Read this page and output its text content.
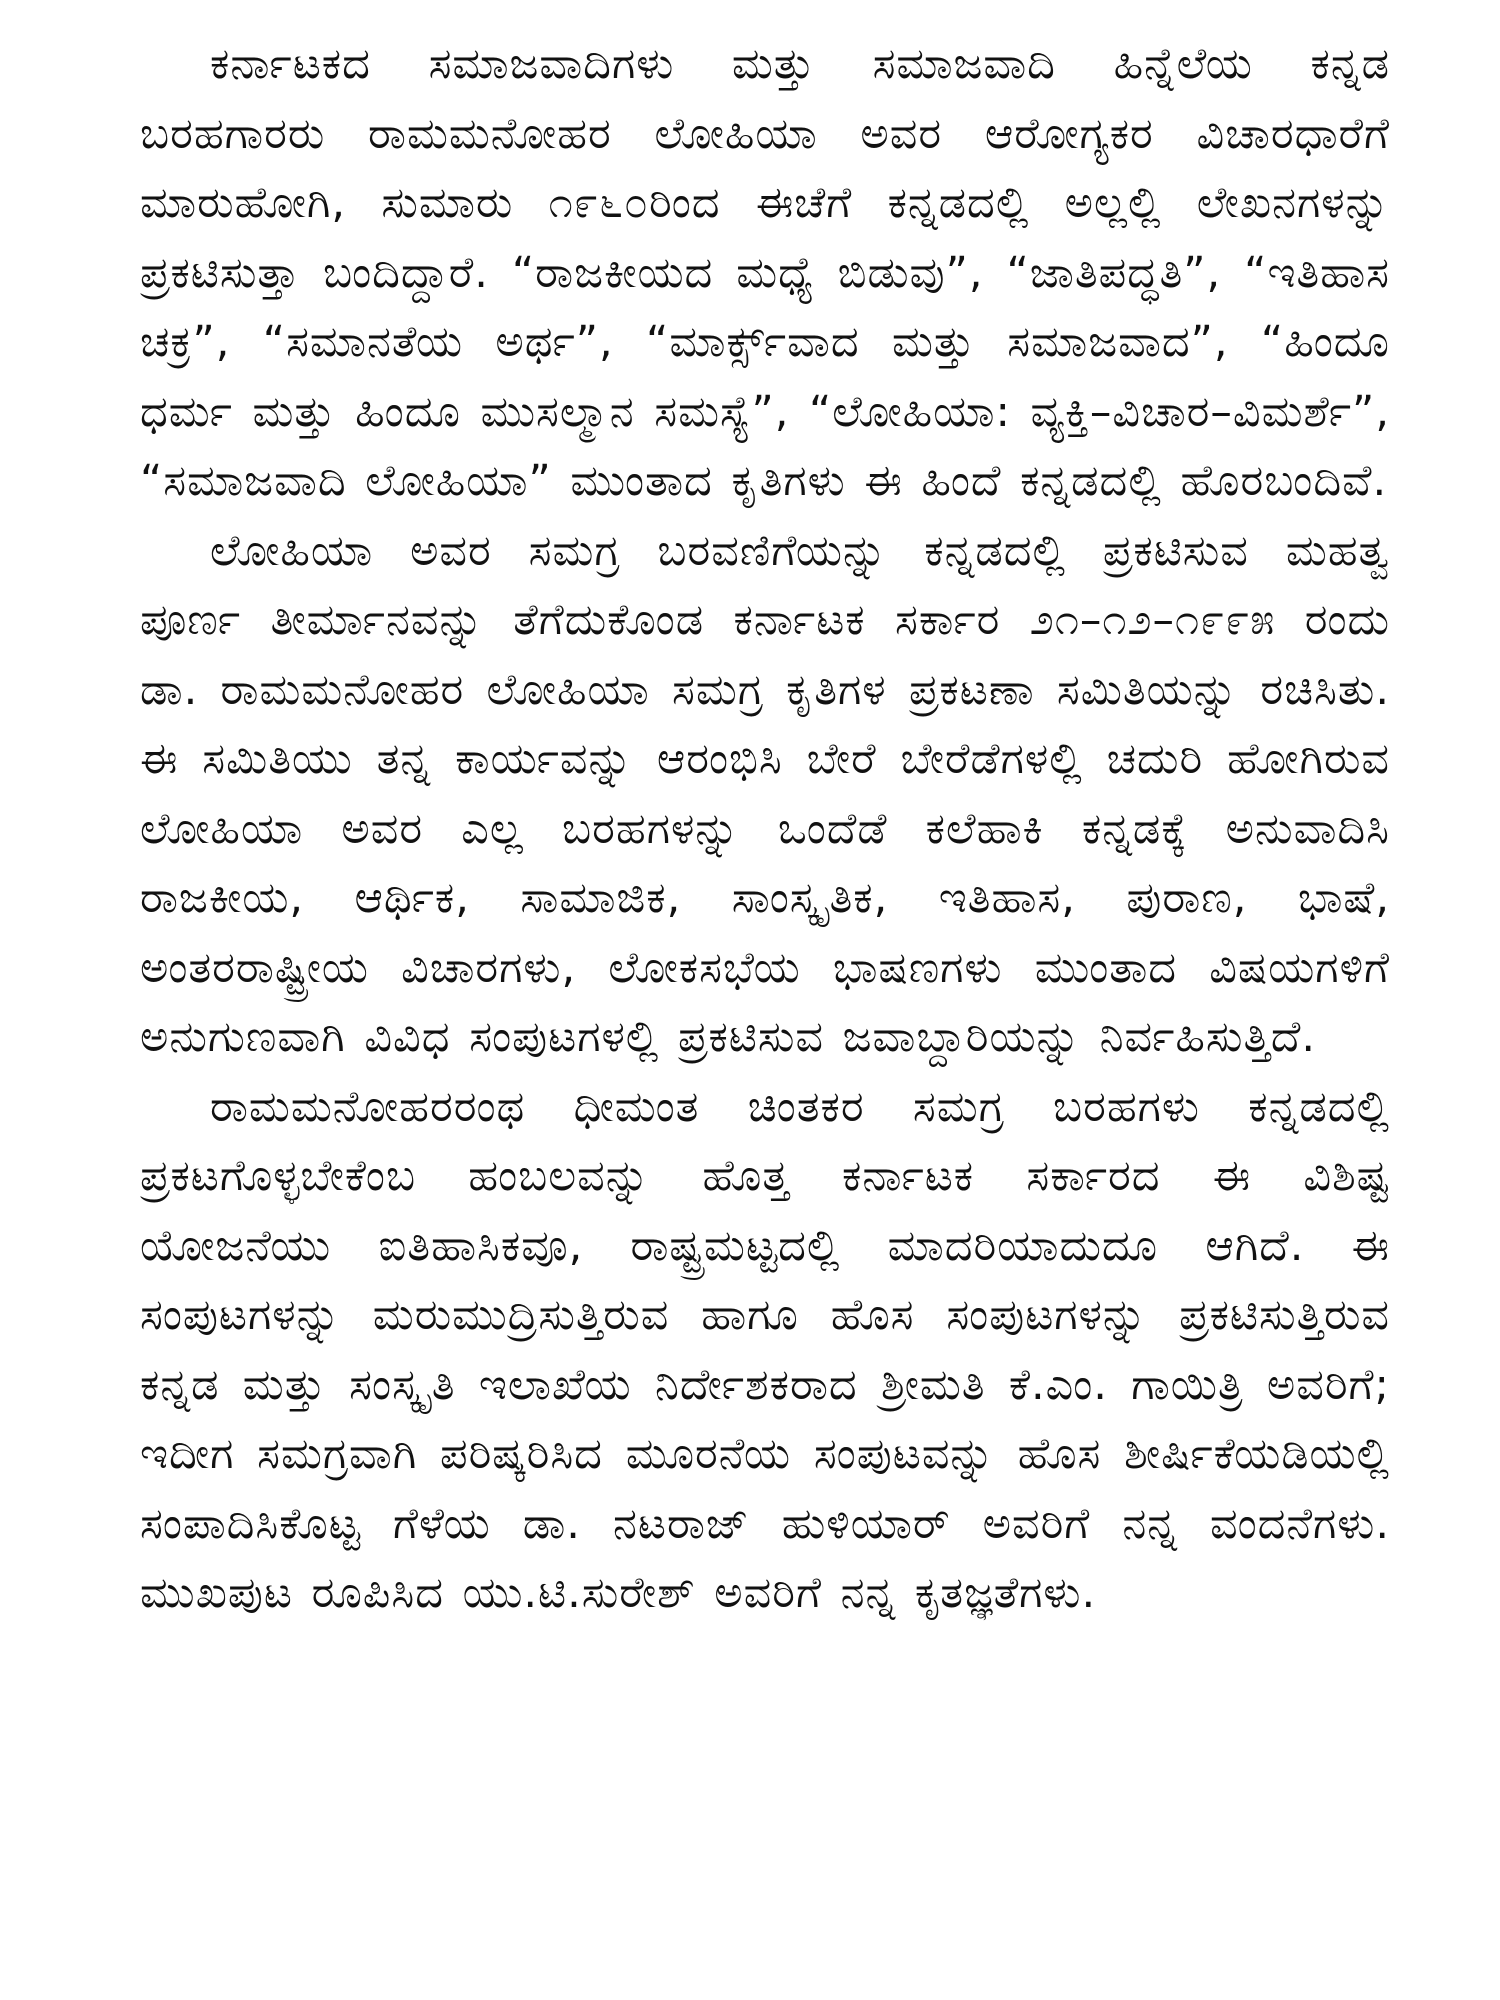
ಕರ್ನಾಟಕದ ಸಮಾಜವಾದಿಗಳು ಮತ್ತು ಸಮಾಜವಾದಿ ಹಿನ್ನೆಲೆಯ ಕನ್ನಡ ಬರಹಗಾರರು ರಾಮಮನೋಹರ ಲೋಹಿಯಾ ಅವರ ಆರೋಗ್ಯಕರ ವಿಚಾರಧಾರೆಗೆ ಮಾರುಹೋಗಿ, ಸುಮಾರು ೧೯೬೦ರಿಂದ ಈಚೆಗೆ ಕನ್ನಡದಲ್ಲಿ ಅಲ್ಲಲ್ಲಿ ಲೇಖನಗಳನ್ನು ಪ್ರಕಟಿಸುತ್ತಾ ಬಂದಿದ್ದಾರೆ. “ರಾಜಕೀಯದ ಮಧ್ಯೆ ಬಿಡುವು”, “ಜಾತಿಪದ್ಧತಿ”, “ಇತಿಹಾಸ ಚಕ್ರ”, “ಸಮಾನತೆಯ ಅರ್ಥ”, “ಮಾರ್ಕ್ಸ್‌ವಾದ ಮತ್ತು ಸಮಾಜವಾದ”, “ಹಿಂದೂ ಧರ್ಮ ಮತ್ತು ಹಿಂದೂ ಮುಸಲ್ಮಾನ ಸಮಸ್ಯೆ”, “ಲೋಹಿಯಾ: ವ್ಯಕ್ತಿ–ವಿಚಾರ–ವಿಮರ್ಶೆ”, “ಸಮಾಜವಾದಿ ಲೋಹಿಯಾ” ಮುಂತಾದ ಕೃತಿಗಳು ಈ ಹಿಂದೆ ಕನ್ನಡದಲ್ಲಿ ಹೊರಬಂದಿವೆ.

ಲೋಹಿಯಾ ಅವರ ಸಮಗ್ರ ಬರವಣಿಗೆಯನ್ನು ಕನ್ನಡದಲ್ಲಿ ಪ್ರಕಟಿಸುವ ಮಹತ್ವ ಪೂರ್ಣ ತೀರ್ಮಾನವನ್ನು ತೆಗೆದುಕೊಂಡ ಕರ್ನಾಟಕ ಸರ್ಕಾರ ೨೧–೧೨–೧೯೯೫ ರಂದು ಡಾ. ರಾಮಮನೋಹರ ಲೋಹಿಯಾ ಸಮಗ್ರ ಕೃತಿಗಳ ಪ್ರಕಟಣಾ ಸಮಿತಿಯನ್ನು ರಚಿಸಿತು. ಈ ಸಮಿತಿಯು ತನ್ನ ಕಾರ್ಯವನ್ನು ಆರಂಭಿಸಿ ಬೇರೆ ಬೇರೆಡೆಗಳಲ್ಲಿ ಚದುರಿ ಹೋಗಿರುವ ಲೋಹಿಯಾ ಅವರ ಎಲ್ಲ ಬರಹಗಳನ್ನು ಒಂದೆಡೆ ಕಲೆಹಾಕಿ ಕನ್ನಡಕ್ಕೆ ಅನುವಾದಿಸಿ ರಾಜಕೀಯ, ಆರ್ಥಿಕ, ಸಾಮಾಜಿಕ, ಸಾಂಸ್ಕೃತಿಕ, ಇತಿಹಾಸ, ಪುರಾಣ, ಭಾಷೆ, ಅಂತರರಾಷ್ಟ್ರೀಯ ವಿಚಾರಗಳು, ಲೋಕಸಭೆಯ ಭಾಷಣಗಳು ಮುಂತಾದ ವಿಷಯಗಳಿಗೆ ಅನುಗುಣವಾಗಿ ವಿವಿಧ ಸಂಪುಟಗಳಲ್ಲಿ ಪ್ರಕಟಿಸುವ ಜವಾಬ್ದಾರಿಯನ್ನು ನಿರ್ವಹಿಸುತ್ತಿದೆ.

ರಾಮಮನೋಹರರಂಥ ಧೀಮಂತ ಚಿಂತಕರ ಸಮಗ್ರ ಬರಹಗಳು ಕನ್ನಡದಲ್ಲಿ ಪ್ರಕಟಗೊಳ್ಳಬೇಕೆಂಬ ಹಂಬಲವನ್ನು ಹೊತ್ತ ಕರ್ನಾಟಕ ಸರ್ಕಾರದ ಈ ವಿಶಿಷ್ಟ ಯೋಜನೆಯು ಐತಿಹಾಸಿಕವೂ, ರಾಷ್ಟ್ರಮಟ್ಟದಲ್ಲಿ ಮಾದರಿಯಾದುದೂ ಆಗಿದೆ. ಈ ಸಂಪುಟಗಳನ್ನು ಮರುಮುದ್ರಿಸುತ್ತಿರುವ ಹಾಗೂ ಹೊಸ ಸಂಪುಟಗಳನ್ನು ಪ್ರಕಟಿಸುತ್ತಿರುವ ಕನ್ನಡ ಮತ್ತು ಸಂಸ್ಕೃತಿ ಇಲಾಖೆಯ ನಿರ್ದೇಶಕರಾದ ಶ್ರೀಮತಿ ಕೆ.ಎಂ. ಗಾಯಿತ್ರಿ ಅವರಿಗೆ; ಇದೀಗ ಸಮಗ್ರವಾಗಿ ಪರಿಷ್ಕರಿಸಿದ ಮೂರನೆಯ ಸಂಪುಟವನ್ನು ಹೊಸ ಶೀರ್ಷಿಕೆಯಡಿಯಲ್ಲಿ ಸಂಪಾದಿಸಿಕೊಟ್ಟ ಗೆಳೆಯ ಡಾ. ನಟರಾಜ್ ಹುಳಿಯಾರ್ ಅವರಿಗೆ ನನ್ನ ವಂದನೆಗಳು. ಮುಖಪುಟ ರೂಪಿಸಿದ ಯು.ಟಿ.ಸುರೇಶ್ ಅವರಿಗೆ ನನ್ನ ಕೃತಜ್ಞತೆಗಳು.
